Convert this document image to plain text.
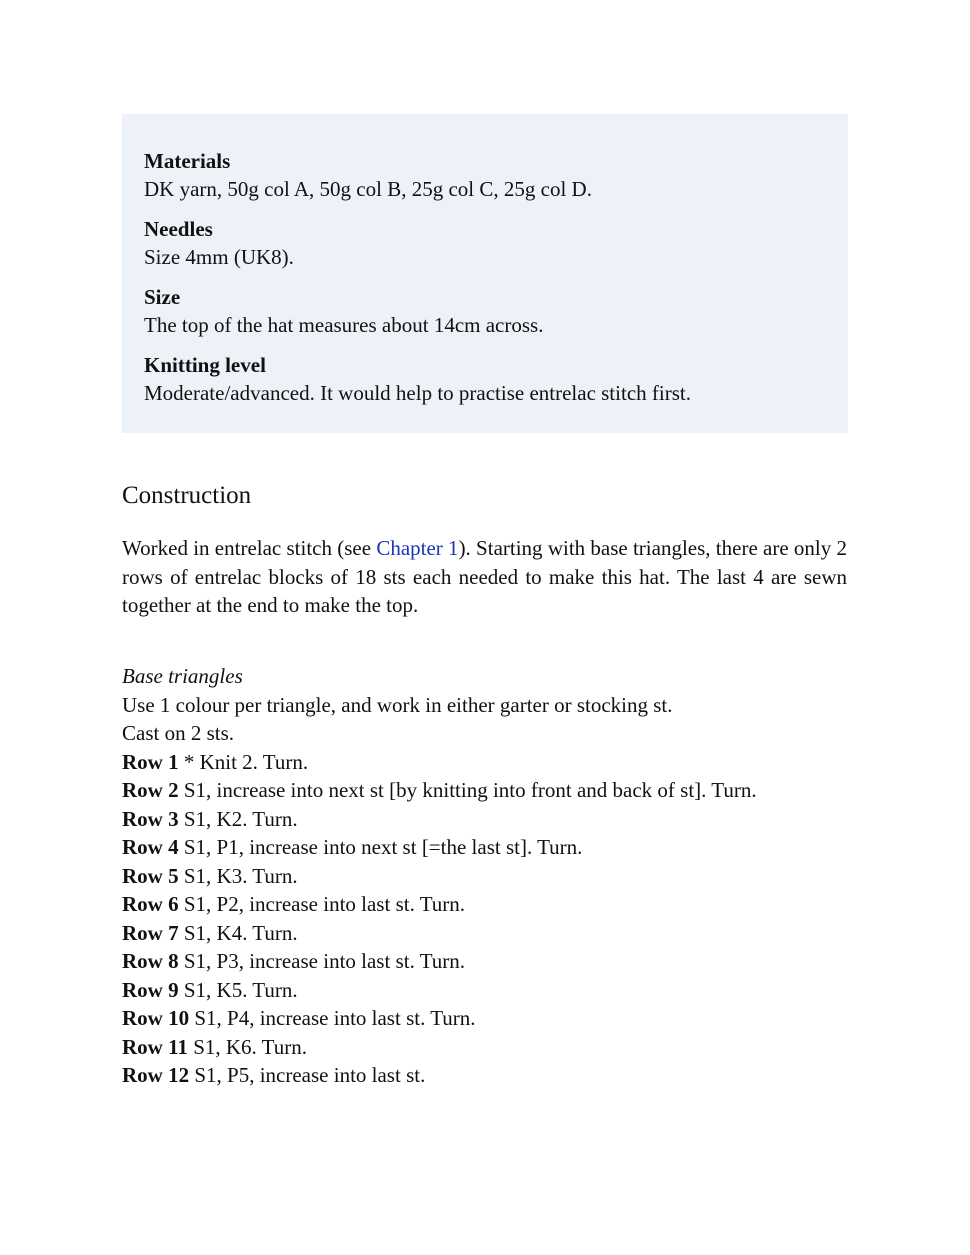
Materials
DK yarn, 50g col A, 50g col B, 25g col C, 25g col D.
Needles
Size 4mm (UK8).
Size
The top of the hat measures about 14cm across.
Knitting level
Moderate/advanced. It would help to practise entrelac stitch first.
Construction

Worked in entrelac stitch (see Chapter 1). Starting with base triangles, there are only 2 rows of entrelac blocks of 18 sts each needed to make this hat. The last 4 are sewn together at the end to make the top.

Base triangles
Use 1 colour per triangle, and work in either garter or stocking st.
Cast on 2 sts.
Row 1 * Knit 2. Turn.
Row 2 S1, increase into next st [by knitting into front and back of st]. Turn.
Row 3 S1, K2. Turn.
Row 4 S1, P1, increase into next st [=the last st]. Turn.
Row 5 S1, K3. Turn.
Row 6 S1, P2, increase into last st. Turn.
Row 7 S1, K4. Turn.
Row 8 S1, P3, increase into last st. Turn.
Row 9 S1, K5. Turn.
Row 10 S1, P4, increase into last st. Turn.
Row 11 S1, K6. Turn.
Row 12 S1, P5, increase into last st.
